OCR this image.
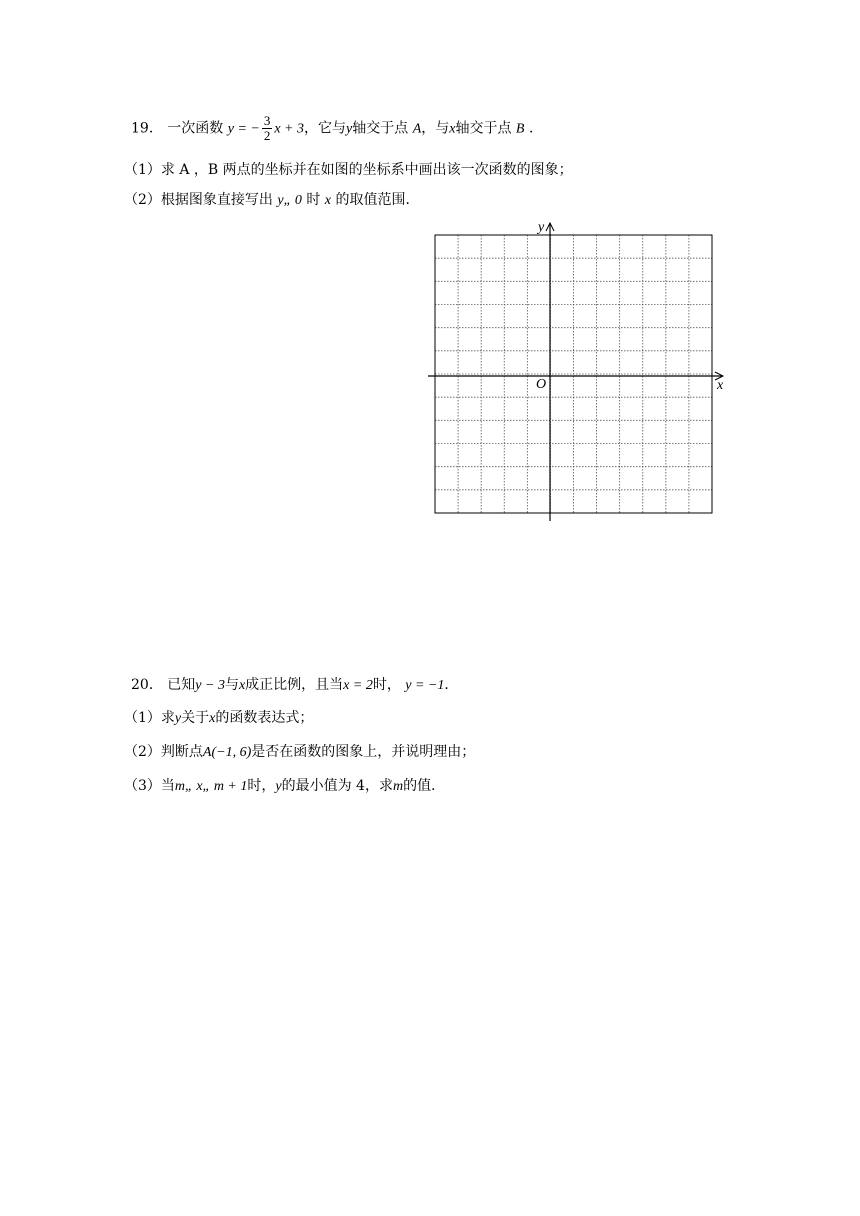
19． 一次函数 y = − $\frac{3}{2}$ x + 3，它与y轴交于点 A，与x轴交于点 B ．
（1）求 A ，B 两点的坐标并在如图的坐标系中画出该一次函数的图象；
（2）根据图象直接写出 y„ 0 时 x 的取值范围．
x
y
O
20． 已知y − 3与x成正比例，且当x = 2时， y = −1．
（1）求y关于x的函数表达式；
（2）判断点A(−1, 6)是否在函数的图象上，并说明理由；
（3）当m„ x„ m + 1时，y的最小值为 4，求m的值．
